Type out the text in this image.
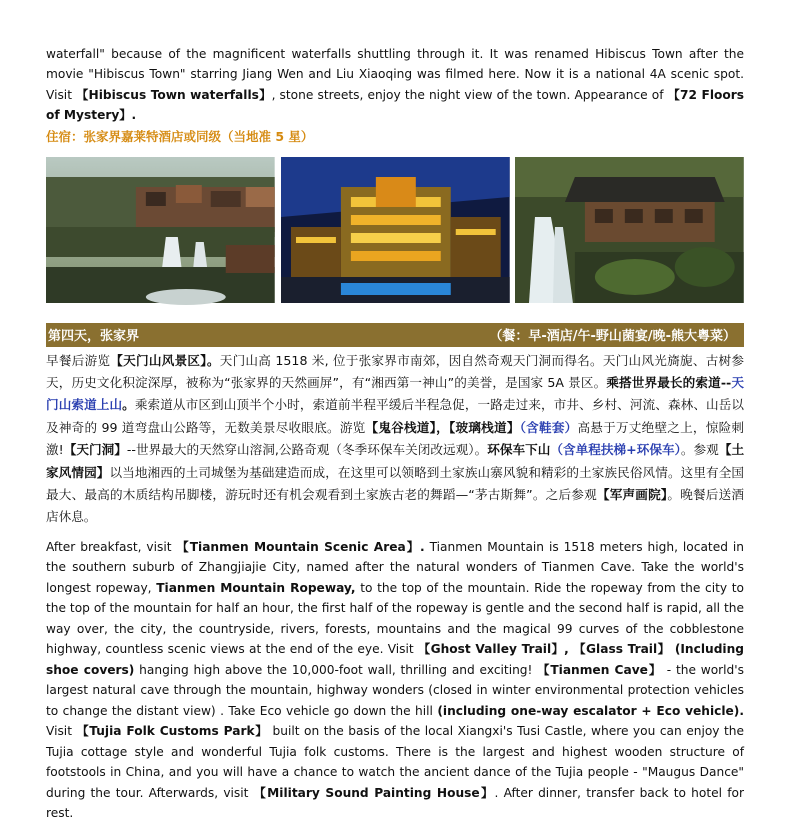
waterfall" because of the magnificent waterfalls shuttling through it. It was renamed Hibiscus Town after the movie "Hibiscus Town" starring Jiang Wen and Liu Xiaoqing was filmed here. Now it is a national 4A scenic spot. Visit 【Hibiscus Town waterfalls】, stone streets, enjoy the night view of the town. Appearance of 【72 Floors of Mystery】.

住宿：张家界嘉莱特酒店或同级（当地准 5 星）
第四天，张家界	（餐：早-酒店/午-野山菌宴/晚-熊大粤菜）

早餐后游览【天门山风景区】。天门山高 1518 米, 位于张家界市南郊，因自然奇观天门洞而得名。天门山风光旖旎、古树参天，历史文化积淀深厚，被称为“张家界的天然画屏”，有“湘西第一神山”的美誉，是国家 5A 景区。乘搭世界最长的索道--天门山索道上山。乘索道从市区到山顶半个小时，索道前半程平缓后半程急促，一路走过来，市井、乡村、河流、森林、山岳以及神奇的 99 道弯盘山公路等，无数美景尽收眼底。游览【鬼谷栈道】，【玻璃栈道】（含鞋套）高悬于万丈绝壁之上，惊险刺激!【天门洞】--世界最大的天然穿山溶洞,公路奇观（冬季环保车关闭改远观）。环保车下山（含单程扶梯+环保车）。参观【土家风情园】以当地湘西的土司城堡为基础建造而成，在这里可以领略到土家族山寨风貌和精彩的土家族民俗风情。这里有全国最大、最高的木质结构吊脚楼，游玩时还有机会观看到土家族古老的舞蹈—“茅古斯舞”。之后参观【军声画院】。晚餐后送酒店休息。

After breakfast, visit 【Tianmen Mountain Scenic Area】. Tianmen Mountain is 1518 meters high, located in the southern suburb of Zhangjiajie City, named after the natural wonders of Tianmen Cave. Take the world's longest ropeway, Tianmen Mountain Ropeway, to the top of the mountain. Ride the ropeway from the city to the top of the mountain for half an hour, the first half of the ropeway is gentle and the second half is rapid, all the way over, the city, the countryside, rivers, forests, mountains and the magical 99 curves of the cobblestone highway, countless scenic views at the end of the eye. Visit 【Ghost Valley Trail】, 【Glass Trail】 (Including shoe covers) hanging high above the 10,000-foot wall, thrilling and exciting! 【Tianmen Cave】 - the world's largest natural cave through the mountain, highway wonders (closed in winter environmental protection vehicles to change the distant view) . Take Eco vehicle go down the hill (including one-way escalator + Eco vehicle). Visit 【Tujia Folk Customs Park】 built on the basis of the local Xiangxi's Tusi Castle, where you can enjoy the Tujia cottage style and wonderful Tujia folk customs. There is the largest and highest wooden structure of footstools in China, and you will have a chance to watch the ancient dance of the Tujia people - "Maugus Dance" during the tour. Afterwards, visit 【Military Sound Painting House】. After dinner, transfer back to hotel for rest.
